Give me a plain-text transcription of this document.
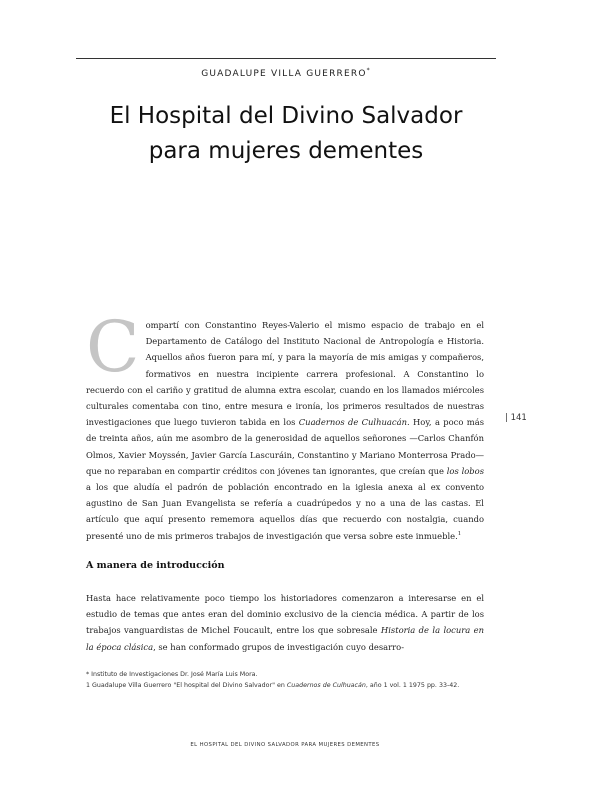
GUADALUPE VILLA GUERRERO*
El Hospital del Divino Salvador
para mujeres dementes
C ompartí con Constantino Reyes-Valerio el mismo espacio de trabajo en el Departamento de Catálogo del Instituto Nacional de Antropología e Historia. Aquellos años fueron para mí, y para la mayoría de mis amigas y compañeros, formativos en nuestra incipiente carrera profesional. A Constantino lo recuerdo con el cariño y gratitud de alumna extra escolar, cuando en los llamados miércoles culturales comentaba con tino, entre mesura e ironía, los primeros resultados de nuestras investigaciones que luego tuvieron tabida en los Cuadernos de Culhuacán. Hoy, a poco más de treinta años, aún me asombro de la generosidad de aquellos señorones —Carlos Chanfón Olmos, Xavier Moyssén, Javier García Lascuráin, Constantino y Mariano Monterrosa Prado— que no reparaban en compartir créditos con jóvenes tan ignorantes, que creían que los lobos a los que aludía el padrón de población encontrado en la iglesia anexa al ex convento agustino de San Juan Evangelista se refería a cuadrúpedos y no a una de las castas. El artículo que aquí presento rememora aquellos días que recuerdo con nostalgia, cuando presenté uno de mis primeros trabajos de investigación que versa sobre este inmueble.$^1$

A manera de introducción

Hasta hace relativamente poco tiempo los historiadores comenzaron a interesarse en el estudio de temas que antes eran del dominio exclusivo de la ciencia médica. A partir de los trabajos vanguardistas de Michel Foucault, entre los que sobresale Historia de la locura en la época clásica, se han conformado grupos de investigación cuyo desarro-

| 141

* Instituto de Investigaciones Dr. José María Luis Mora.

1 Guadalupe Villa Guerrero "El hospital del Divino Salvador" en Cuadernos de Culhuacán, año 1 vol. 1 1975 pp. 33-42.

EL HOSPITAL DEL DIVINO SALVADOR PARA MUJERES DEMENTES
